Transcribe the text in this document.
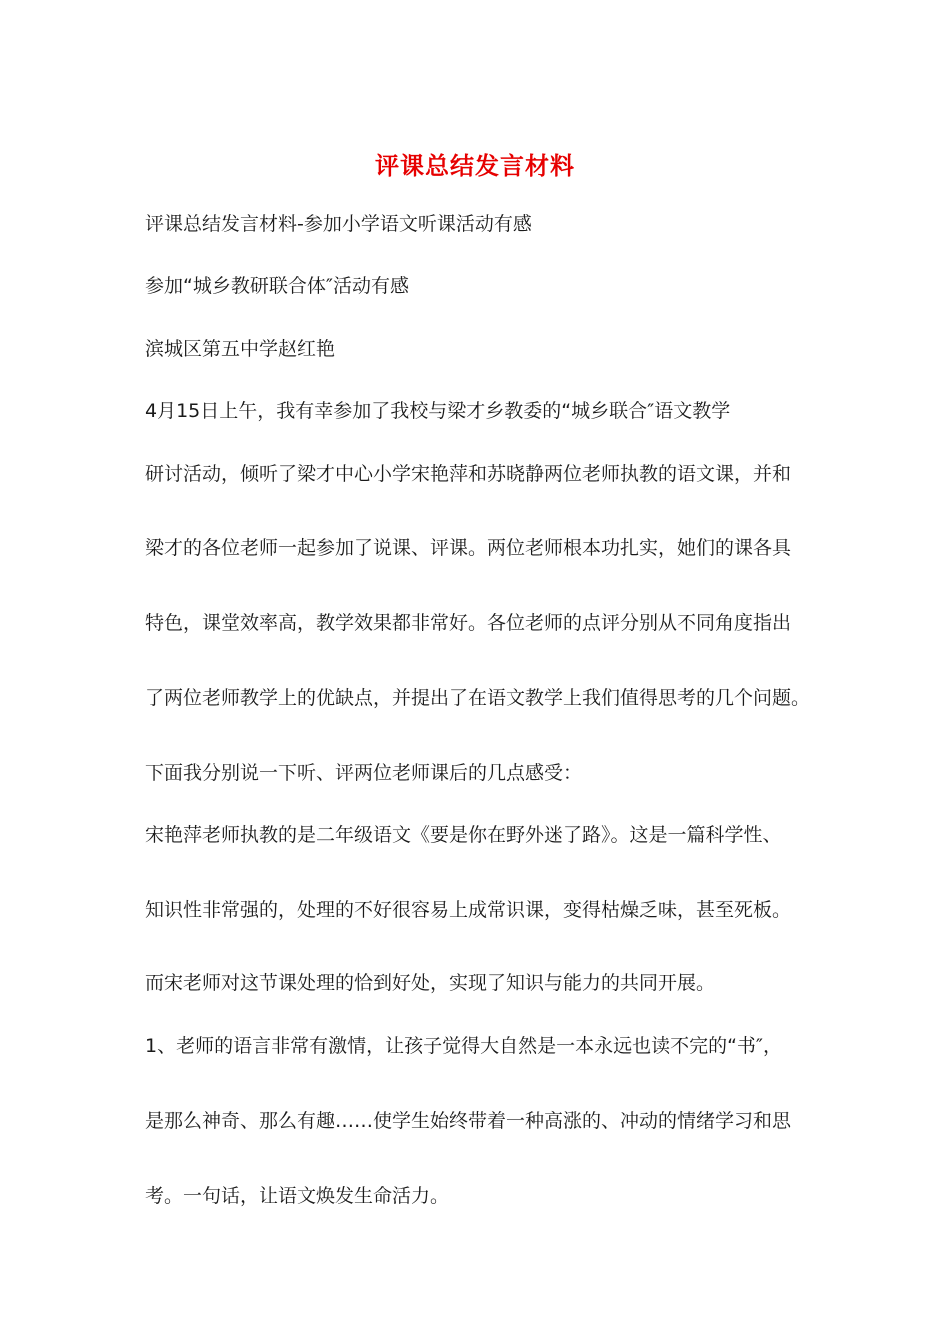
评课总结发言材料
评课总结发言材料-参加小学语文听课活动有感
参加“城乡教研联合体″活动有感
滨城区第五中学赵红艳
4月15日上午，我有幸参加了我校与梁才乡教委的“城乡联合″语文教学
研讨活动，倾听了梁才中心小学宋艳萍和苏晓静两位老师执教的语文课，并和
梁才的各位老师一起参加了说课、评课。两位老师根本功扎实，她们的课各具
特色，课堂效率高，教学效果都非常好。各位老师的点评分别从不同角度指出
了两位老师教学上的优缺点，并提出了在语文教学上我们值得思考的几个问题。
下面我分别说一下听、评两位老师课后的几点感受：
宋艳萍老师执教的是二年级语文《要是你在野外迷了路》。这是一篇科学性、
知识性非常强的，处理的不好很容易上成常识课，变得枯燥乏味，甚至死板。
而宋老师对这节课处理的恰到好处，实现了知识与能力的共同开展。
1、老师的语言非常有激情，让孩子觉得大自然是一本永远也读不完的“书″，
是那么神奇、那么有趣……使学生始终带着一种高涨的、冲动的情绪学习和思
考。一句话，让语文焕发生命活力。
